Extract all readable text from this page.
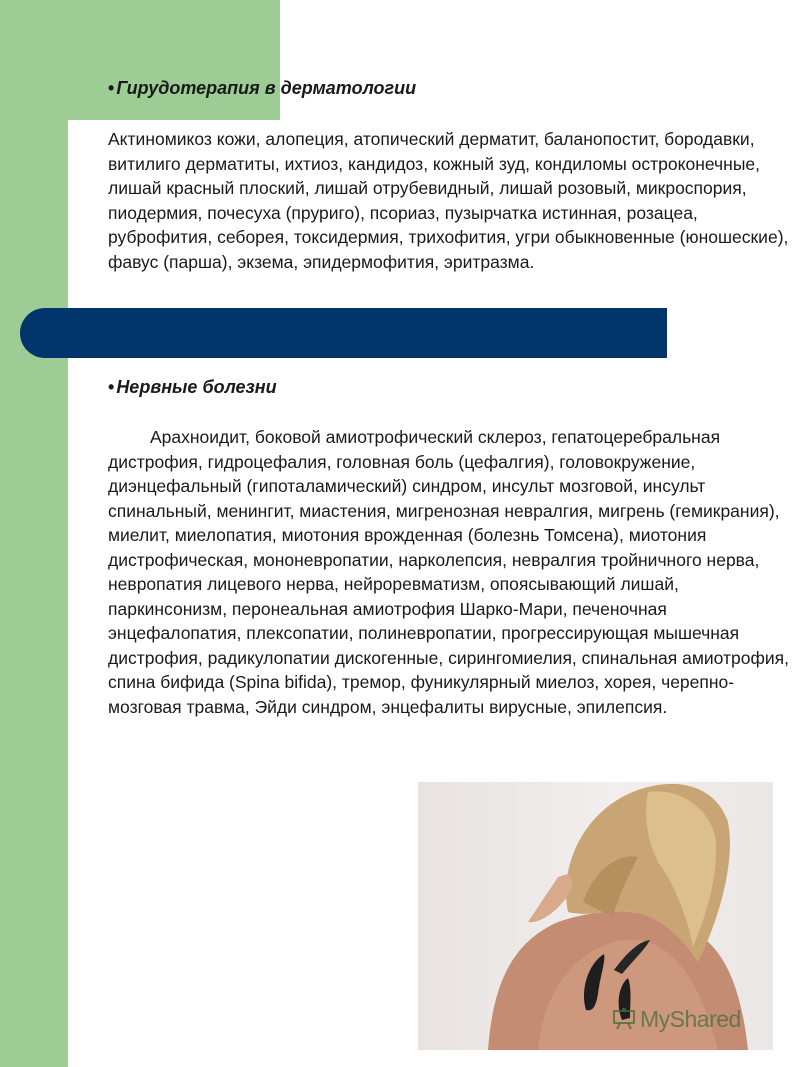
• Гирудотерапия в дерматологии

Актиномикоз кожи, алопеция, атопический дерматит, баланопостит, бородавки, витилиго дерматиты, ихтиоз, кандидоз, кожный зуд, кондиломы остроконечные, лишай красный плоский, лишай отрубевидный, лишай розовый, микроспория, пиодермия, почесуха (пруриго), псориаз, пузырчатка истинная, розацеа, руброфития, себорея, токсидермия, трихофития, угри обыкновенные (юношеские), фавус (парша), экзема, эпидермофития, эритразма.

• Нервные болезни

Арахноидит, боковой амиотрофический склероз, гепатоцеребральная дистрофия, гидроцефалия, головная боль (цефалгия), головокружение, диэнцефальный (гипоталамический) синдром, инсульт мозговой, инсульт спинальный, менингит, миастения, мигренозная невралгия, мигрень (гемикрания), миелит, миелопатия, миотония врожденная (болезнь Томсена), миотония дистрофическая, мононевропатии, нарколепсия, невралгия тройничного нерва, невропатия лицевого нерва, нейроревматизм, опоясывающий лишай, паркинсонизм, перонеальная амиотрофия Шарко-Мари, печеночная энцефалопатия, плексопатии, полиневропатии, прогрессирующая мышечная дистрофия, радикулопатии дискогенные, сирингомиелия, спинальная амиотрофия, спина бифида (Spina bifida), тремор, фуникулярный миелоз, хорея, черепно-мозговая травма, Эйди синдром, энцефалиты вирусные, эпилепсия.

MyShared
